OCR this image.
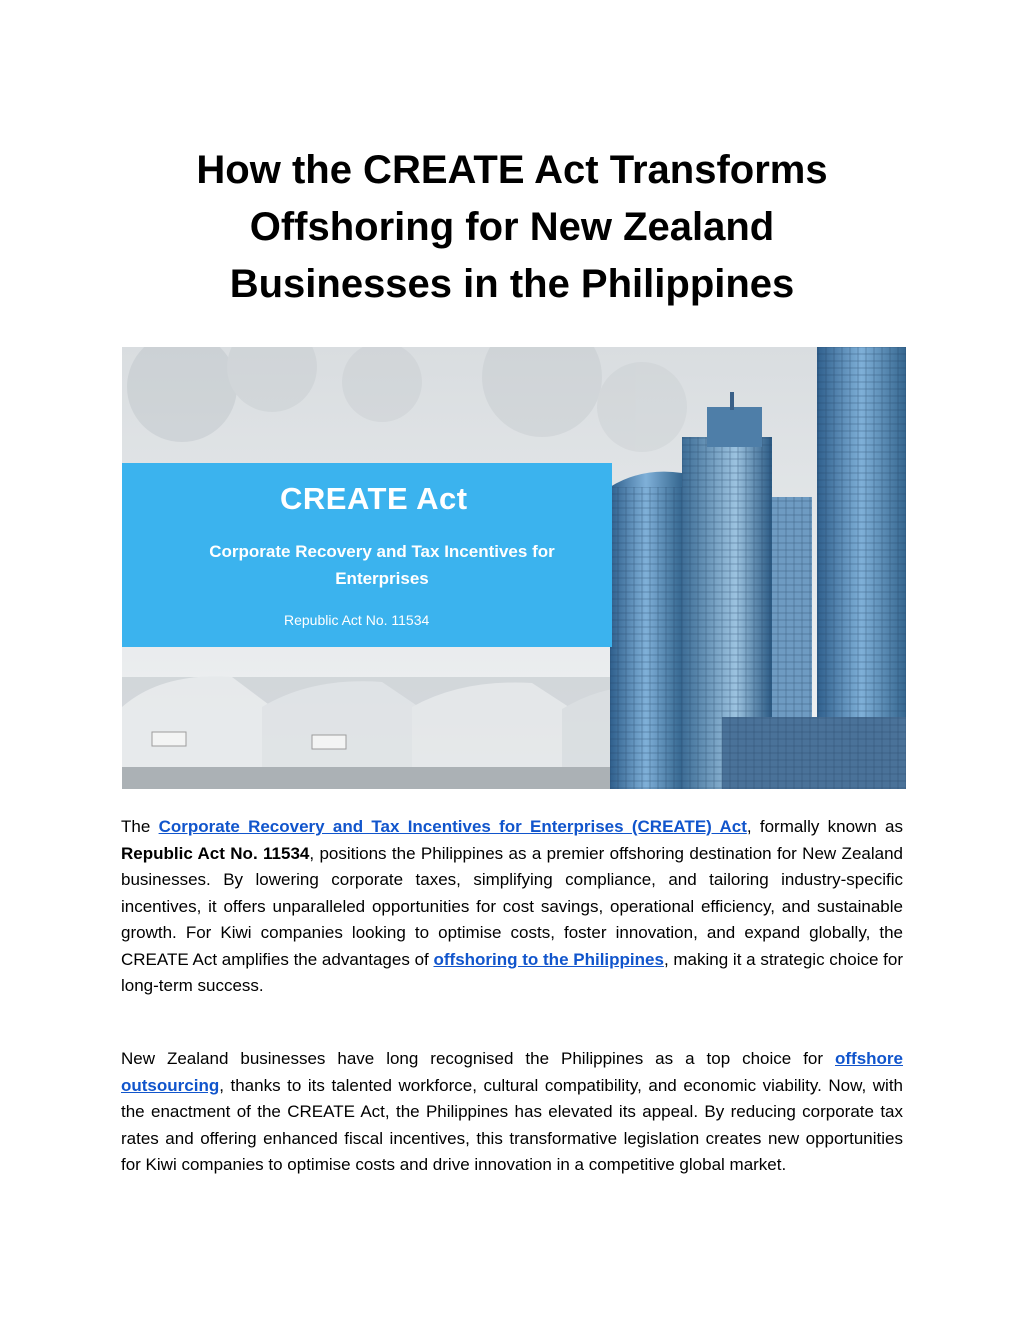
How the CREATE Act Transforms
Offshoring for New Zealand
Businesses in the Philippines
CREATE Act
Corporate Recovery and Tax Incentives for Enterprises
Republic Act No. 11534

The Corporate Recovery and Tax Incentives for Enterprises (CREATE) Act, formally known as Republic Act No. 11534, positions the Philippines as a premier offshoring destination for New Zealand businesses. By lowering corporate taxes, simplifying compliance, and tailoring industry-specific incentives, it offers unparalleled opportunities for cost savings, operational efficiency, and sustainable growth. For Kiwi companies looking to optimise costs, foster innovation, and expand globally, the CREATE Act amplifies the advantages of offshoring to the Philippines, making it a strategic choice for long-term success.

New Zealand businesses have long recognised the Philippines as a top choice for offshore outsourcing, thanks to its talented workforce, cultural compatibility, and economic viability. Now, with the enactment of the CREATE Act, the Philippines has elevated its appeal. By reducing corporate tax rates and offering enhanced fiscal incentives, this transformative legislation creates new opportunities for Kiwi companies to optimise costs and drive innovation in a competitive global market.
